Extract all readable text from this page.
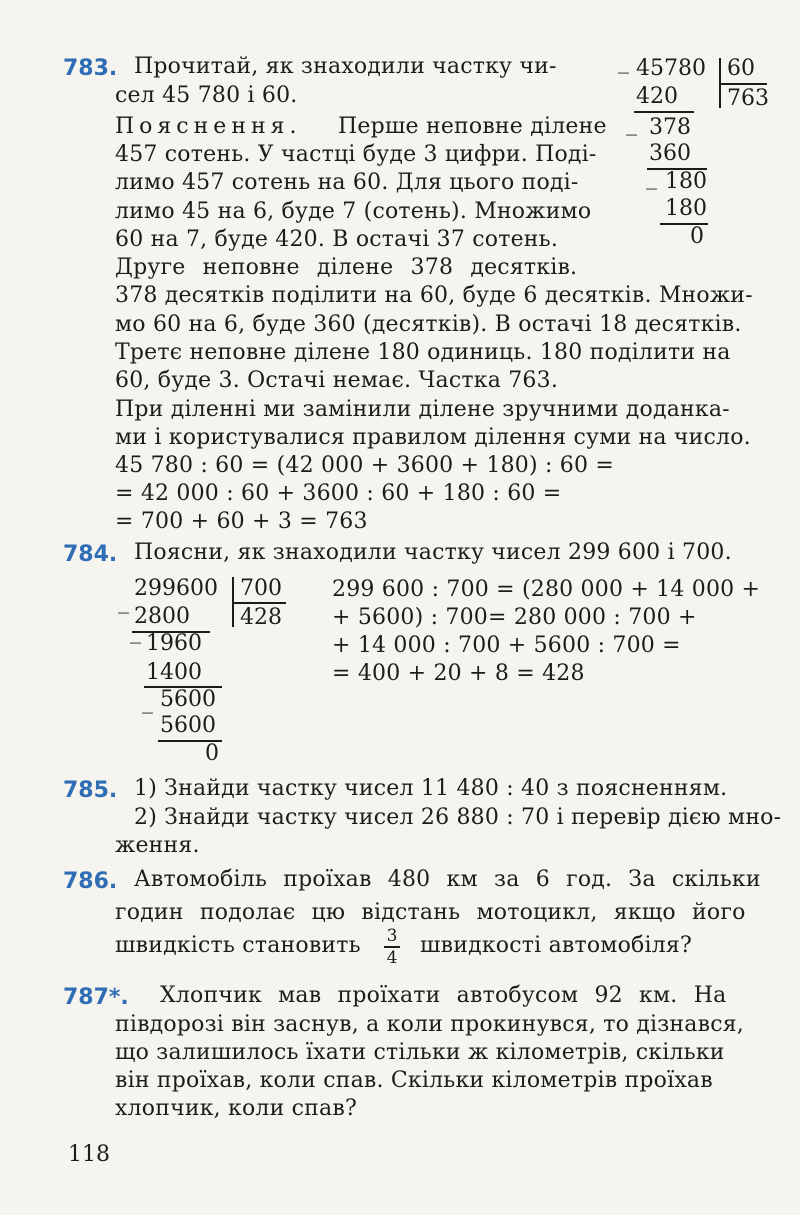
783. Прочитай, як знаходили частку чи-
сел 45 780 і 60.
Пояснення. Перше неповне ділене
457 сотень. У частці буде 3 цифри. Поді-
лимо 457 сотень на 60. Для цього поді-
лимо 45 на 6, буде 7 (сотень). Множимо
60 на 7, буде 420. В остачі 37 сотень.
Друге неповне ділене 378 десятків.
378 десятків поділити на 60, буде 6 десятків. Множи-
мо 60 на 6, буде 360 (десятків). В остачі 18 десятків.
Третє неповне ділене 180 одиниць. 180 поділити на
60, буде 3. Остачі немає. Частка 763.
При діленні ми замінили ділене зручними доданка-
ми і користувалися правилом ділення суми на число.
45 780 : 60 = (42 000 + 3600 + 180) : 60 =
= 42 000 : 60 + 3600 : 60 + 180 : 60 =
= 700 + 60 + 3 = 763
_ 45780 60
763
420
_ 378
360
_ 180
180
0
784. Поясни, як знаходили частку чисел 299 600 і 700.
299 600 : 700 = (280 000 + 14 000 +
+ 5600) : 700= 280 000 : 700 +
+ 14 000 : 700 + 5600 : 700 =
= 400 + 20 + 8 = 428
_
299600 700
428
2800
_ 1960
1400
_ 5600
5600
0
785. 1) Знайди частку чисел 11 480 : 40 з поясненням.
2) Знайди частку чисел 26 880 : 70 і перевір дією мно-
ження.
786. Автомобіль проїхав 480 км за 6 год. За скільки
годин подолає цю відстань мотоцикл, якщо його
швидкість становить 3
4 швидкості автомобіля?
787*. Хлопчик мав проїхати автобусом 92 км. На
півдорозі він заснув, а коли прокинувся, то дізнався,
що залишилось їхати стільки ж кілометрів, скільки
він проїхав, коли спав. Скільки кілометрів проїхав
хлопчик, коли спав?
118
